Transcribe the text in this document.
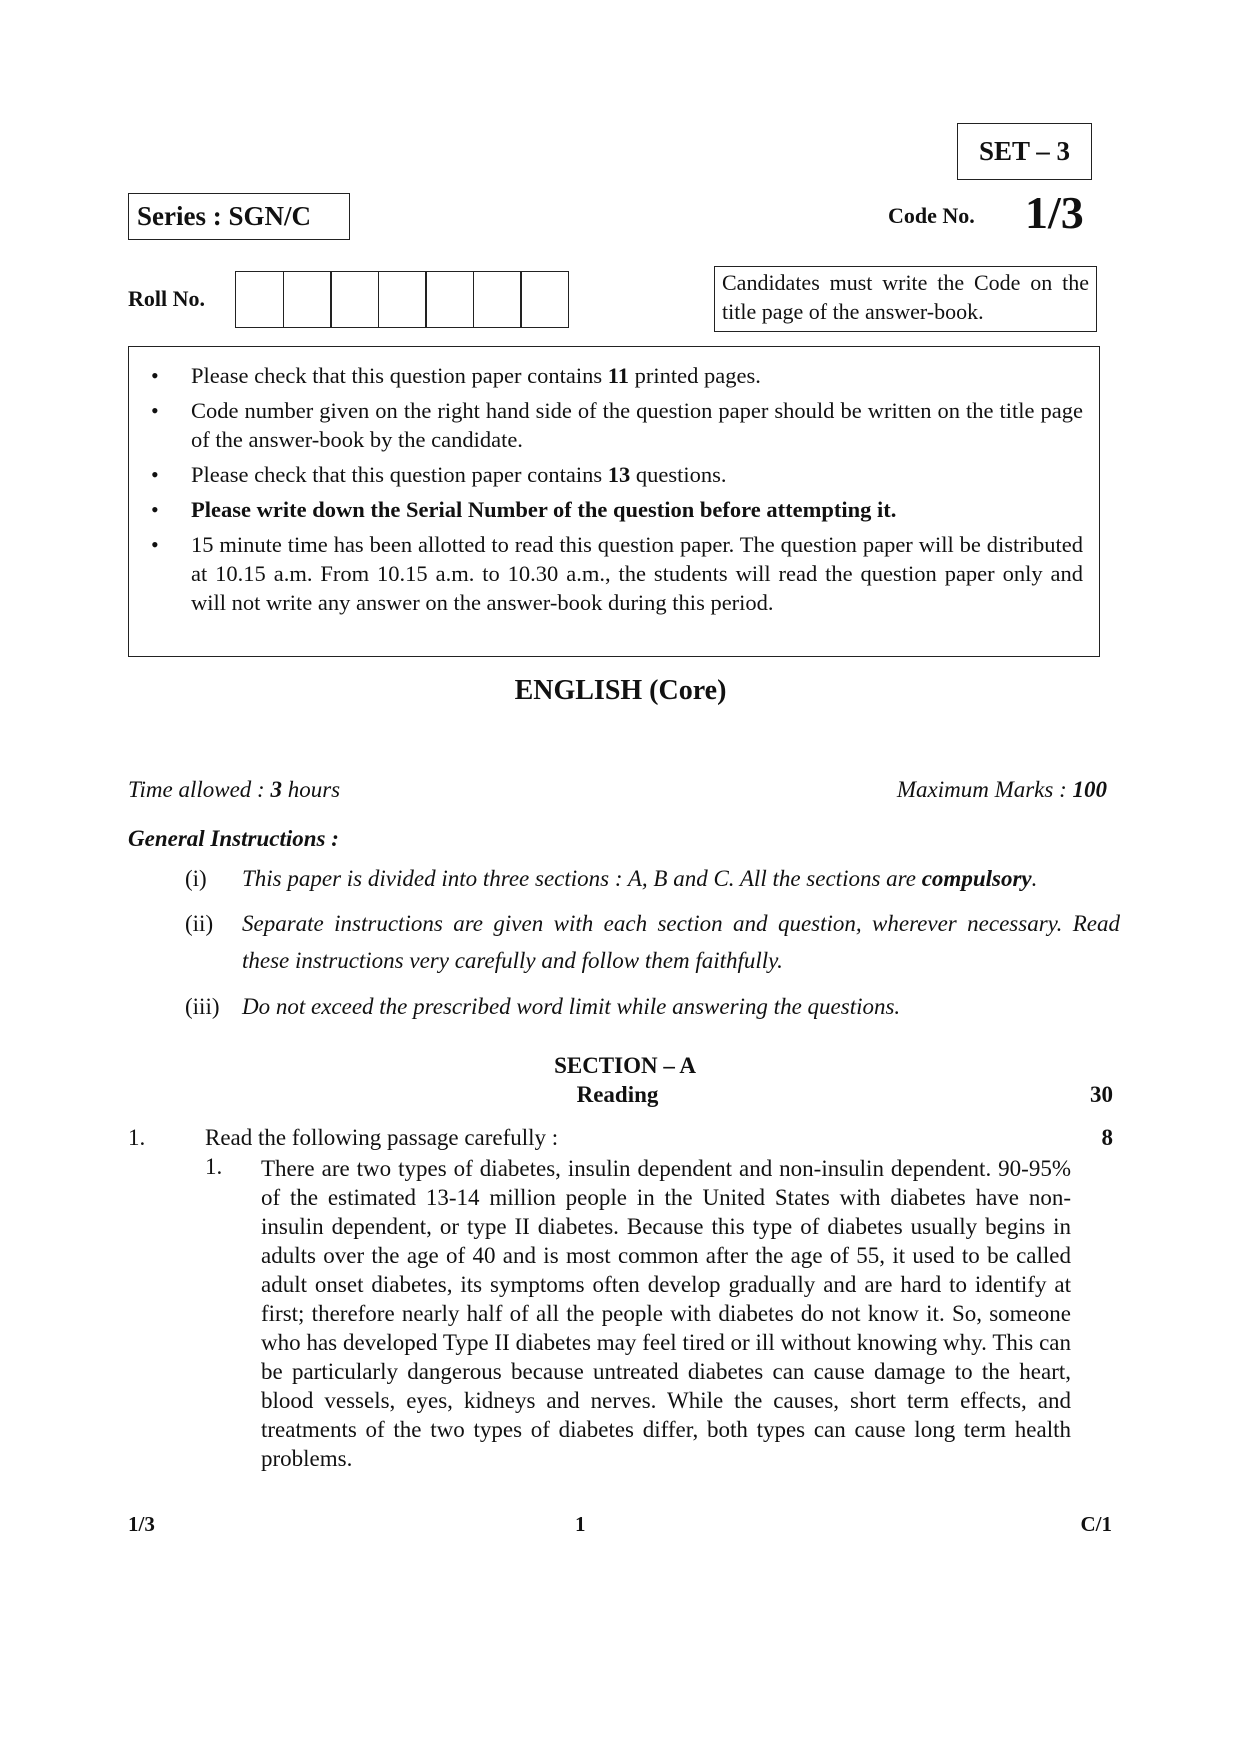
SET – 3
Series : SGN/C	Code No. 1/3
Roll No.
Candidates must write the Code on the title page of the answer-book.
• Please check that this question paper contains 11 printed pages.
• Code number given on the right hand side of the question paper should be written on the title page of the answer-book by the candidate.
• Please check that this question paper contains 13 questions.
• Please write down the Serial Number of the question before attempting it.
• 15 minute time has been allotted to read this question paper. The question paper will be distributed at 10.15 a.m. From 10.15 a.m. to 10.30 a.m., the students will read the question paper only and will not write any answer on the answer-book during this period.
ENGLISH (Core)
Time allowed : 3 hours	Maximum Marks : 100
General Instructions :
(i) This paper is divided into three sections : A, B and C. All the sections are compulsory.
(ii) Separate instructions are given with each section and question, wherever necessary. Read these instructions very carefully and follow them faithfully.
(iii) Do not exceed the prescribed word limit while answering the questions.
SECTION – A
Reading	30
1.	Read the following passage carefully :	8
1. There are two types of diabetes, insulin dependent and non-insulin dependent. 90-95% of the estimated 13-14 million people in the United States with diabetes have non-insulin dependent, or type II diabetes. Because this type of diabetes usually begins in adults over the age of 40 and is most common after the age of 55, it used to be called adult onset diabetes, its symptoms often develop gradually and are hard to identify at first; therefore nearly half of all the people with diabetes do not know it. So, someone who has developed Type II diabetes may feel tired or ill without knowing why. This can be particularly dangerous because untreated diabetes can cause damage to the heart, blood vessels, eyes, kidneys and nerves. While the causes, short term effects, and treatments of the two types of diabetes differ, both types can cause long term health problems.
1/3	1	C/1
